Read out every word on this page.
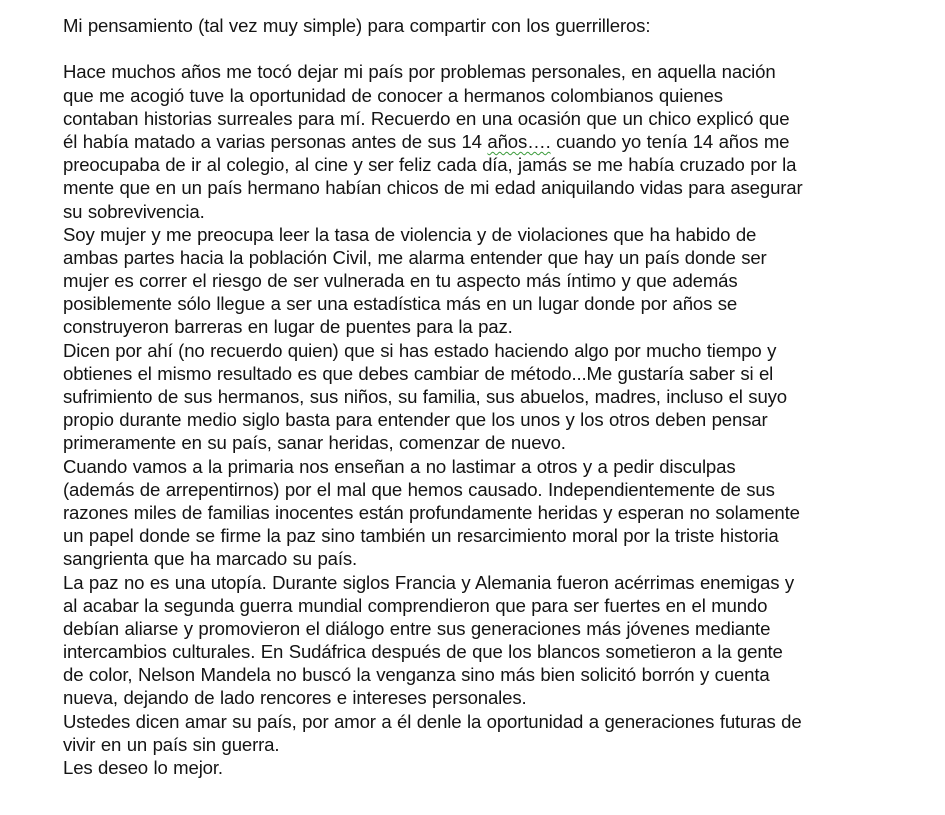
Mi pensamiento (tal vez muy simple) para compartir con los guerrilleros:
Hace muchos años me tocó dejar mi país por problemas personales, en aquella nación
que me acogió tuve la oportunidad de conocer a hermanos colombianos quienes
contaban historias surreales para mí. Recuerdo en una ocasión que un chico explicó que
él había matado a varias personas antes de sus 14 años…. cuando yo tenía 14 años me
preocupaba de ir al colegio, al cine y ser feliz cada día, jamás se me había cruzado por la
mente que en un país hermano habían chicos de mi edad aniquilando vidas para asegurar
su sobrevivencia.
Soy mujer y me preocupa leer la tasa de violencia y de violaciones que ha habido de
ambas partes hacia la población Civil, me alarma entender que hay un país donde ser
mujer es correr el riesgo de ser vulnerada en tu aspecto más íntimo y que además
posiblemente sólo llegue a ser una estadística más en un lugar donde por años se
construyeron barreras en lugar de puentes para la paz.
Dicen por ahí (no recuerdo quien) que si has estado haciendo algo por mucho tiempo y
obtienes el mismo resultado es que debes cambiar de método...Me gustaría saber si el
sufrimiento de sus hermanos, sus niños, su familia, sus abuelos, madres, incluso el suyo
propio durante medio siglo basta para entender que los unos y los otros deben pensar
primeramente en su país, sanar heridas, comenzar de nuevo.
Cuando vamos a la primaria nos enseñan a no lastimar a otros y a pedir disculpas
(además de arrepentirnos) por el mal que hemos causado. Independientemente de sus
razones miles de familias inocentes están profundamente heridas y esperan no solamente
un papel donde se firme la paz sino también un resarcimiento moral por la triste historia
sangrienta que ha marcado su país.
La paz no es una utopía. Durante siglos Francia y Alemania fueron acérrimas enemigas y
al acabar la segunda guerra mundial comprendieron que para ser fuertes en el mundo
debían aliarse y promovieron el diálogo entre sus generaciones más jóvenes mediante
intercambios culturales. En Sudáfrica después de que los blancos sometieron a la gente
de color, Nelson Mandela no buscó la venganza sino más bien solicitó borrón y cuenta
nueva, dejando de lado rencores e intereses personales.
Ustedes dicen amar su país, por amor a él denle la oportunidad a generaciones futuras de
vivir en un país sin guerra.
Les deseo lo mejor.
